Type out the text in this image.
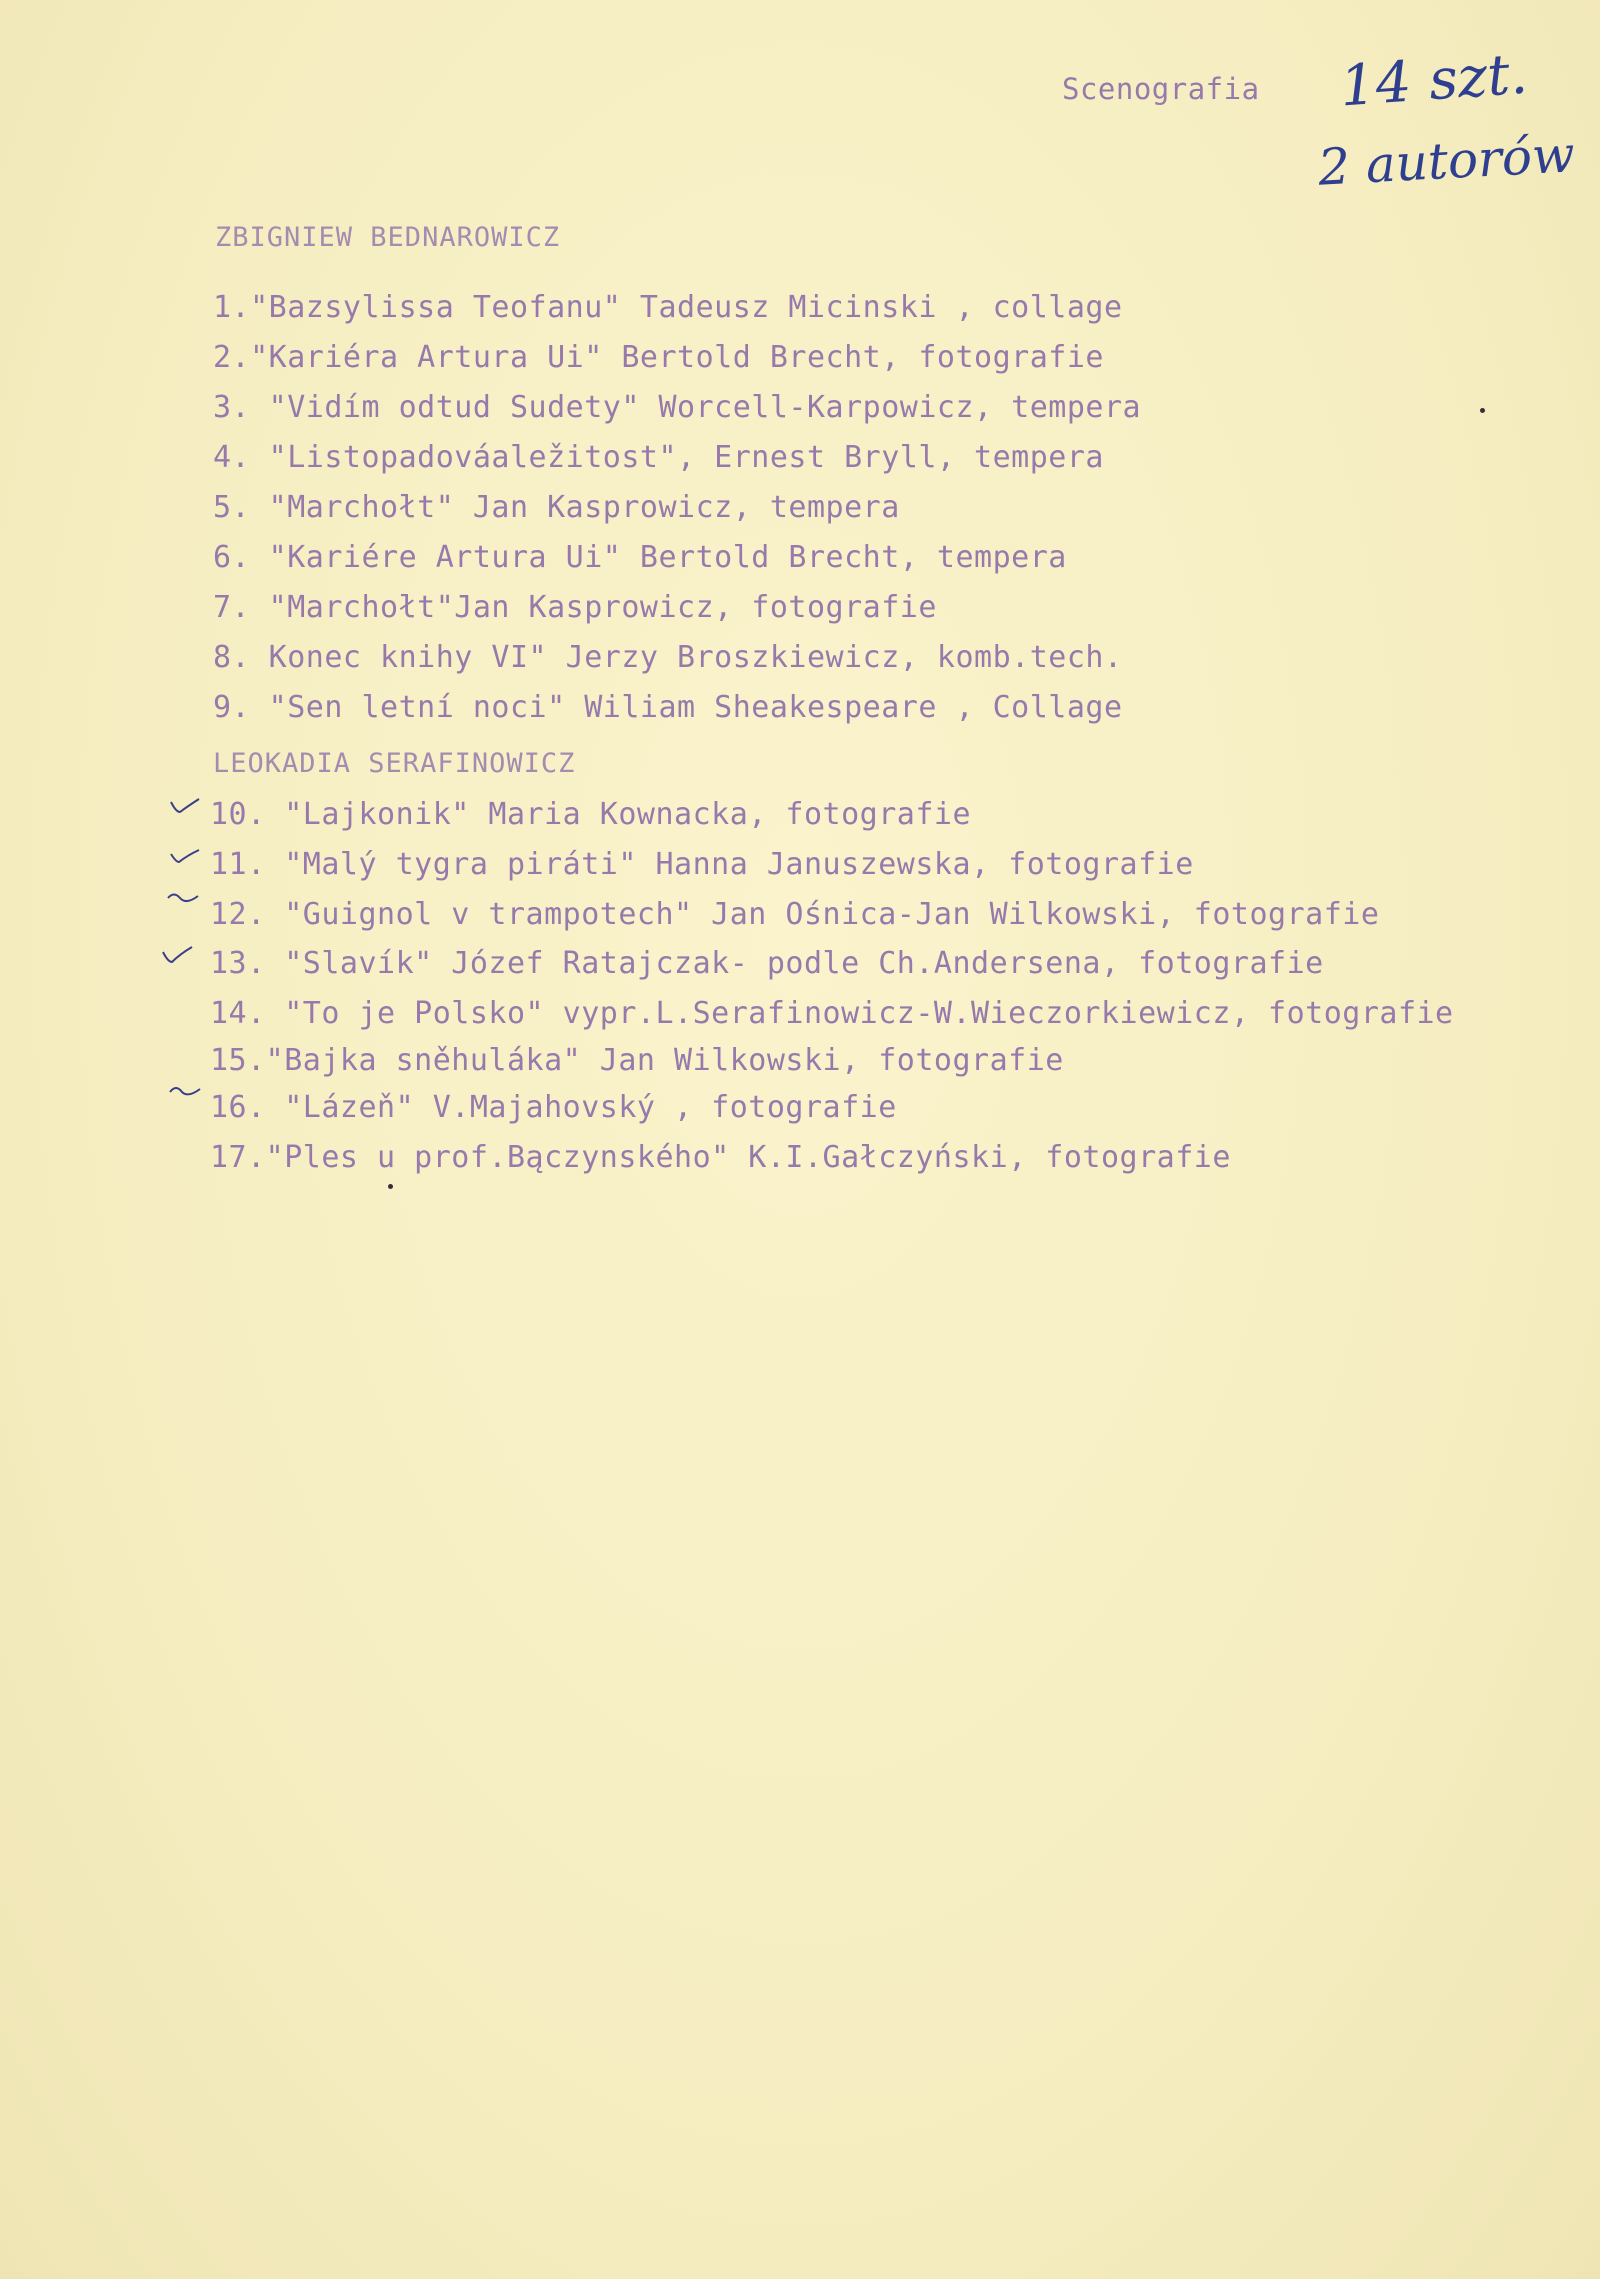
Scenografia 14 szt.
2 autorów
ZBIGNIEW BEDNAROWICZ
1."Bazsylissa Teofanu" Tadeusz Micinski , collage
2."Kariéra Artura Ui" Bertold Brecht, fotografie
3. "Vidím odtud Sudety" Worcell-Karpowicz, tempera
4. "Listopadováaležitost", Ernest Bryll, tempera
5. "Marchołt" Jan Kasprowicz, tempera
6. "Kariére Artura Ui" Bertold Brecht, tempera
7. "Marchołt"Jan Kasprowicz, fotografie
8. Konec knihy VI" Jerzy Broszkiewicz, komb.tech.
9. "Sen letní noci" Wiliam Sheakespeare , Collage
LEOKADIA SERAFINOWICZ
10. "Lajkonik" Maria Kownacka, fotografie
11. "Malý tygra piráti" Hanna Januszewska, fotografie
12. "Guignol v trampotech" Jan Ośnica-Jan Wilkowski, fotografie
13. "Slavík" Józef Ratajczak- podle Ch.Andersena, fotografie
14. "To je Polsko" vypr.L.Serafinowicz-W.Wieczorkiewicz, fotografie
15."Bajka sněhuláka" Jan Wilkowski, fotografie
16. "Lázeň" V.Majahovský , fotografie
17."Ples u prof.Bączynského" K.I.Gałczyński, fotografie
